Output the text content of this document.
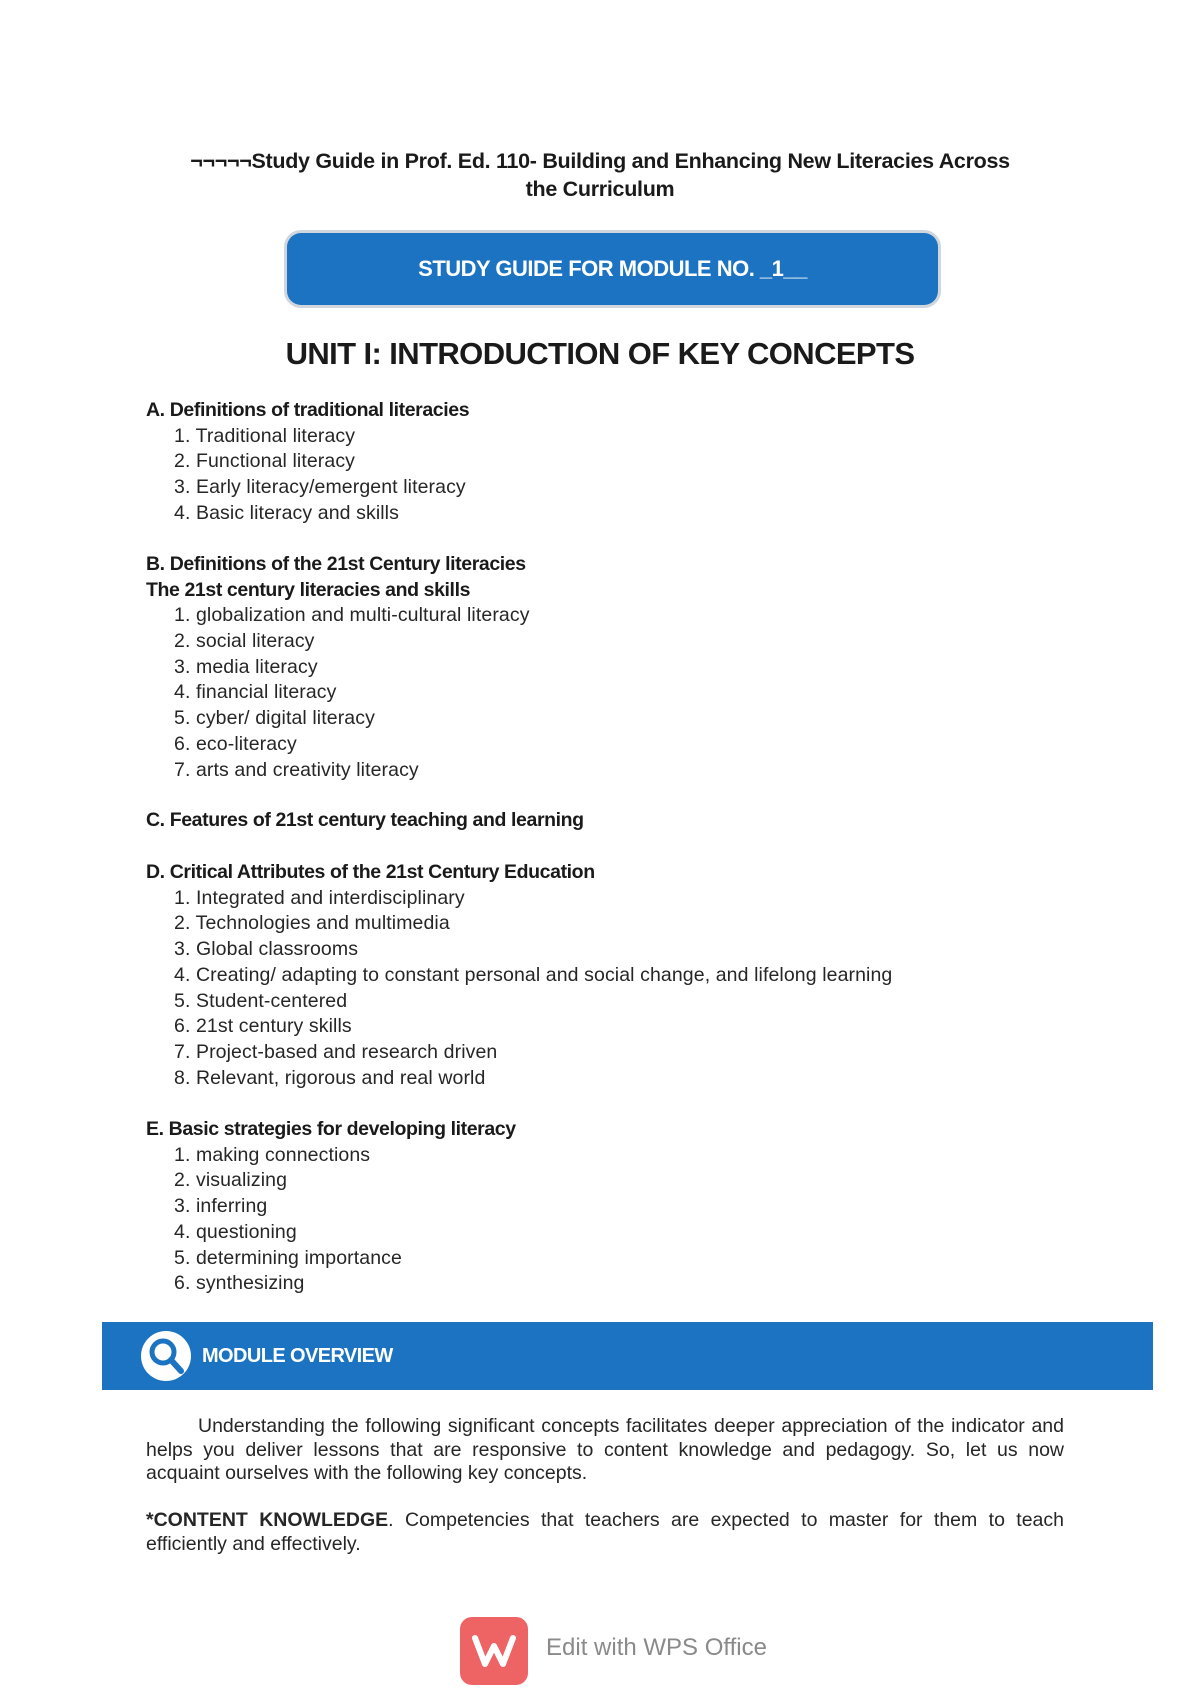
¬¬¬¬¬Study Guide in Prof. Ed. 110- Building and Enhancing New Literacies Across
the Curriculum
STUDY GUIDE FOR MODULE NO. _1__
UNIT I: INTRODUCTION OF KEY CONCEPTS
A. Definitions of traditional literacies
1. Traditional literacy
2. Functional literacy
3. Early literacy/emergent literacy
4. Basic literacy and skills
B. Definitions of the 21st Century literacies
The 21st century literacies and skills
1. globalization and multi-cultural literacy
2. social literacy
3. media literacy
4. financial literacy
5. cyber/ digital literacy
6. eco-literacy
7. arts and creativity literacy
C. Features of 21st century teaching and learning
D. Critical Attributes of the 21st Century Education
1. Integrated and interdisciplinary
2. Technologies and multimedia
3. Global classrooms
4. Creating/ adapting to constant personal and social change, and lifelong learning
5. Student-centered
6. 21st century skills
7. Project-based and research driven
8. Relevant, rigorous and real world
E. Basic strategies for developing literacy
1. making connections
2. visualizing
3. inferring
4. questioning
5. determining importance
6. synthesizing
MODULE OVERVIEW

Understanding the following significant concepts facilitates deeper appreciation of the indicator and helps you deliver lessons that are responsive to content knowledge and pedagogy. So, let us now acquaint ourselves with the following key concepts.

*CONTENT KNOWLEDGE. Competencies that teachers are expected to master for them to teach efficiently and effectively.

Edit with WPS Office
